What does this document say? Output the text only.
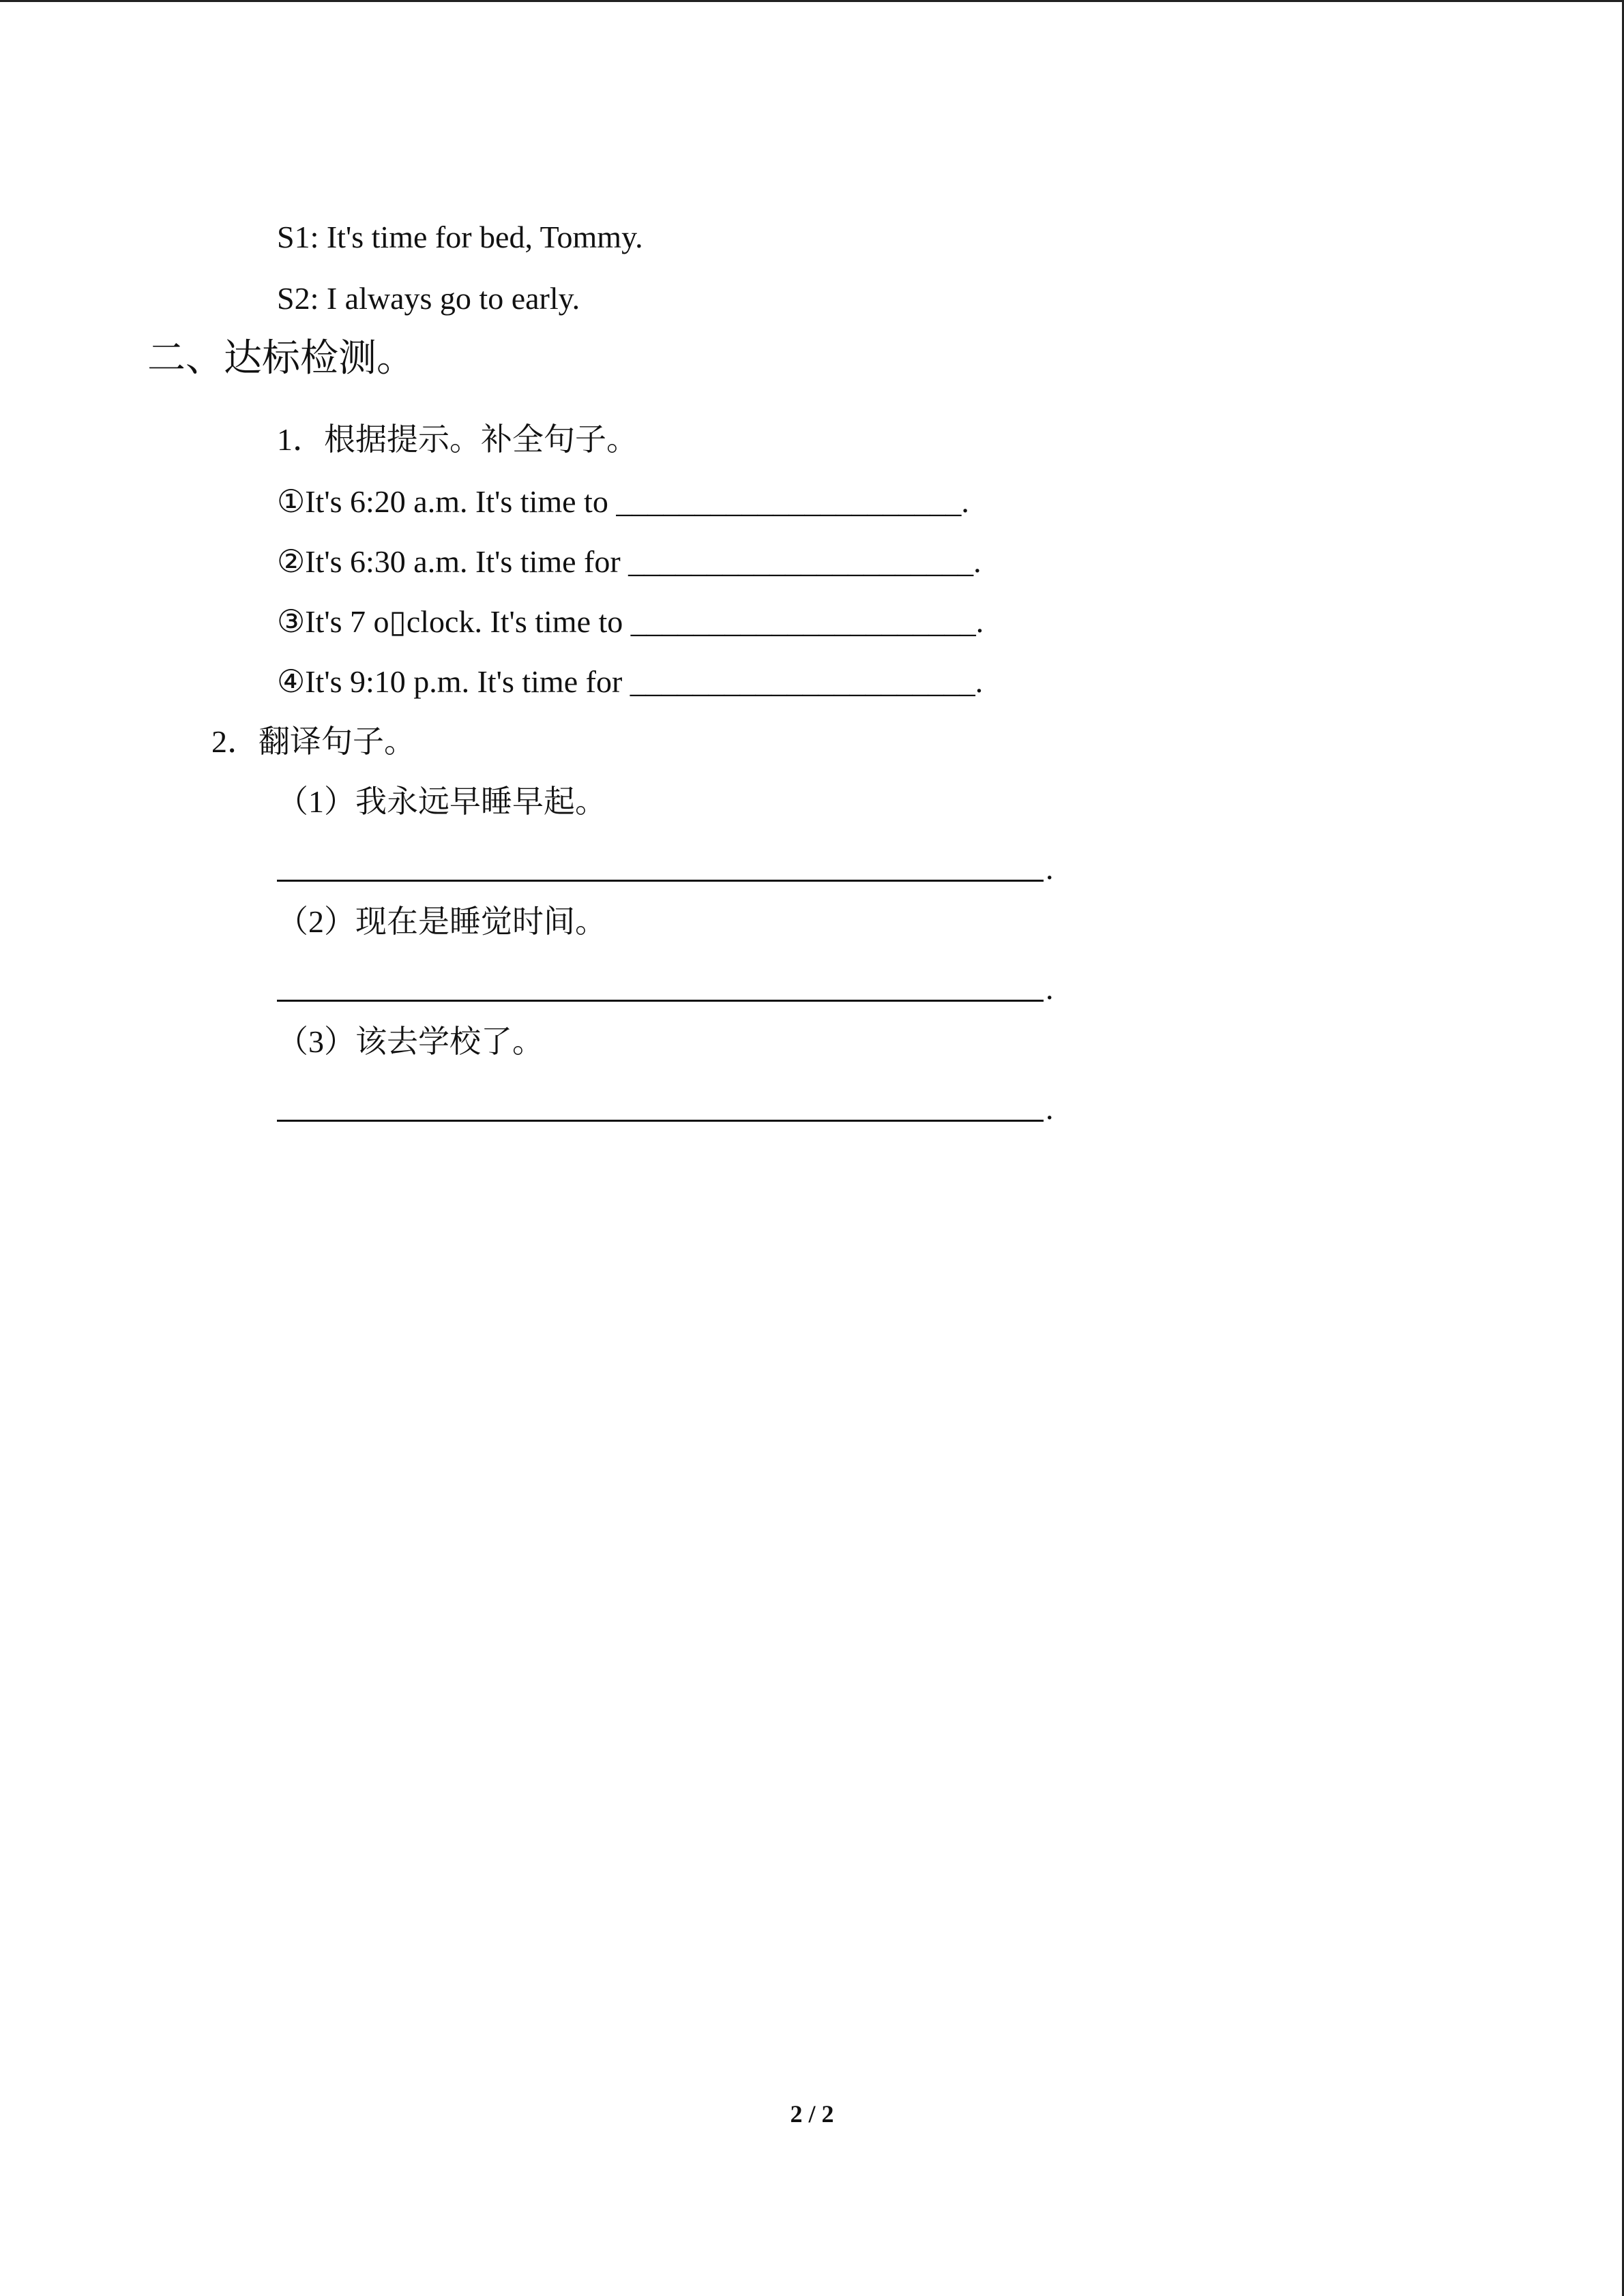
S1: It's time for bed, Tommy.
S2: I always go to early.
二、达标检测。
1．根据提示。补全句子。
①It's 6:20 a.m. It's time to ______________________.
②It's 6:30 a.m. It's time for ______________________.
③It's 7 o▯clock. It's time to ______________________.
④It's 9:10 p.m. It's time for ______________________.
2．翻译句子。
（1）我永远早睡早起。
.
（2）现在是睡觉时间。
.
（3）该去学校了。
.
2 / 2
